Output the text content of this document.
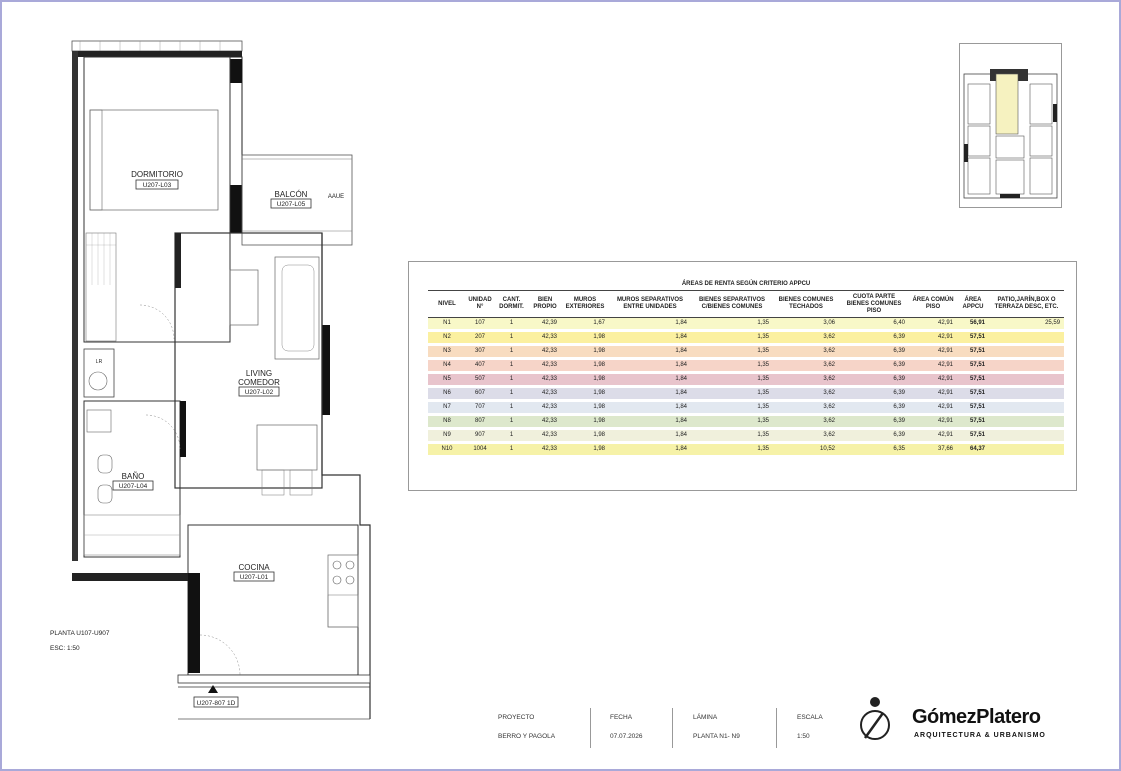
DORMITORIO
U207-L03
BALCÓN
U207-L05
AAUE
LIVING
COMEDOR
U207-L02
BAÑO
U207-L04
COCINA
U207-L01
LR
U207-807 1D
PLANTA U107-U907
ESC: 1:50
ÁREAS DE RENTA SEGÚN CRITERIO APPCU											
NIVEL	UNIDAD N°	CANT. DORMIT.	BIEN PROPIO	MUROS EXTERIORES	MUROS SEPARATIVOS ENTRE UNIDADES	BIENES SEPARATIVOS C/BIENES COMUNES	BIENES COMUNES TECHADOS	CUOTA PARTE BIENES COMUNES PISO	ÁREA COMÚN PISO	ÁREA APPCU	PATIO,JARÍN,BOX O TERRAZA DESC, ETC.
N1	107	1	42,39	1,67	1,84	1,35	3,06	6,40	42,91	56,91	25,59
N2	207	1	42,33	1,98	1,84	1,35	3,62	6,39	42,91	57,51	
N3	307	1	42,33	1,98	1,84	1,35	3,62	6,39	42,91	57,51	
N4	407	1	42,33	1,98	1,84	1,35	3,62	6,39	42,91	57,51	
N5	507	1	42,33	1,98	1,84	1,35	3,62	6,39	42,91	57,51	
N6	607	1	42,33	1,98	1,84	1,35	3,62	6,39	42,91	57,51	
N7	707	1	42,33	1,98	1,84	1,35	3,62	6,39	42,91	57,51	
N8	807	1	42,33	1,98	1,84	1,35	3,62	6,39	42,91	57,51	
N9	907	1	42,33	1,98	1,84	1,35	3,62	6,39	42,91	57,51	
N10	1004	1	42,33	1,98	1,84	1,35	10,52	6,35	37,66	64,37	
PROYECTO
BERRO Y PAGOLA
FECHA
07.07.2026
LÁMINA
PLANTA N1- N9
ESCALA
1:50
GómezPlatero
ARQUITECTURA & URBANISMO
